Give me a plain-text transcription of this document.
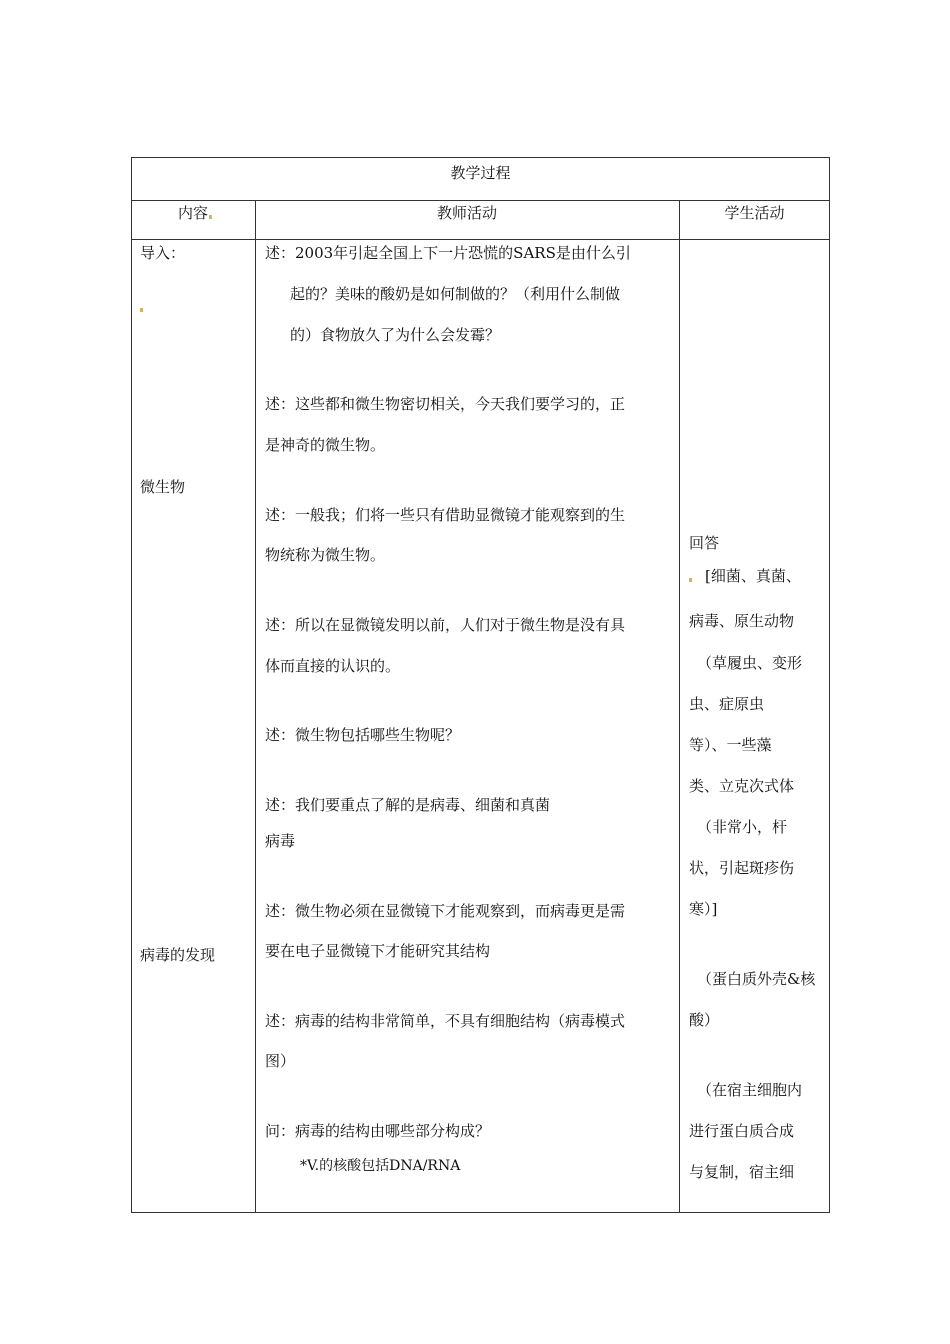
教学过程
内容	教师活动	学生活动
导入：
微生物
病毒的发现
述：2003年引起全国上下一片恐慌的SARS是由什么引
起的？美味的酸奶是如何制做的？（利用什么制做
的）食物放久了为什么会发霉？
述：这些都和微生物密切相关，今天我们要学习的，正
是神奇的微生物。
述：一般我；们将一些只有借助显微镜才能观察到的生
物统称为微生物。
述：所以在显微镜发明以前，人们对于微生物是没有具
体而直接的认识的。
述：微生物包括哪些生物呢？
述：我们要重点了解的是病毒、细菌和真菌
病毒
述：微生物必须在显微镜下才能观察到，而病毒更是需
要在电子显微镜下才能研究其结构
述：病毒的结构非常简单，不具有细胞结构（病毒模式
图）
问：病毒的结构由哪些部分构成？
*V.的核酸包括DNA/RNA
回答
[细菌、真菌、
病毒、原生动物
（草履虫、变形
虫、症原虫
等）、一些藻
类、立克次式体
（非常小，杆
状，引起斑疹伤
寒）]
（蛋白质外壳&核
酸）
（在宿主细胞内
进行蛋白质合成
与复制，宿主细
